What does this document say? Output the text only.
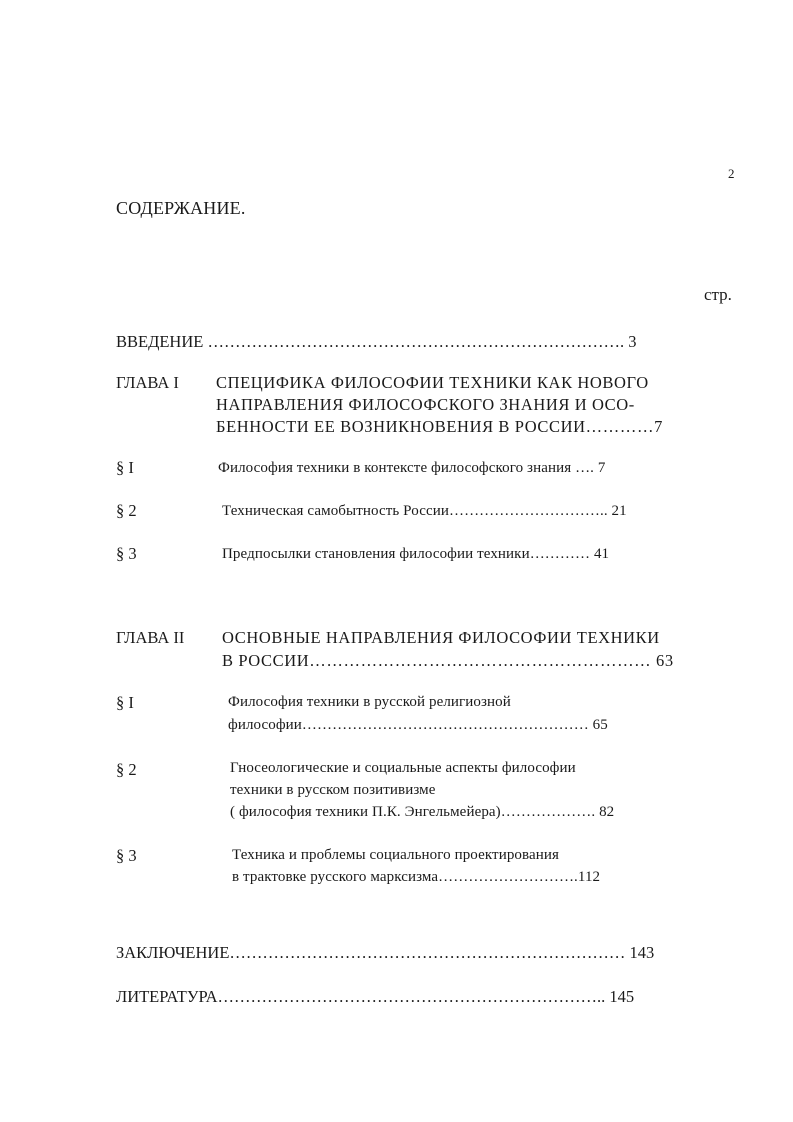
2
СОДЕРЖАНИЕ.
стр.
ВВЕДЕНИЕ …………………………………………………………………. 3
ГЛАВА I СПЕЦИФИКА ФИЛОСОФИИ ТЕХНИКИ КАК НОВОГО
НАПРАВЛЕНИЯ ФИЛОСОФСКОГО ЗНАНИЯ И ОСО-
БЕННОСТИ ЕЕ ВОЗНИКНОВЕНИЯ В РОССИИ…………7
§ I	Философия техники в контексте философского знания …. 7
§ 2	Техническая самобытность России………………………….. 21
§ 3	Предпосылки становления философии техники………… 41
ГЛАВА II ОСНОВНЫЕ НАПРАВЛЕНИЯ ФИЛОСОФИИ ТЕХНИКИ
В РОССИИ…………………………………………………… 63
§ I	Философия техники в русской религиозной
философии………………………………………………… 65
§ 2	Гносеологические и социальные аспекты философии
техники в русском позитивизме
( философия техники П.К. Энгельмейера)………………. 82
§ 3	Техника и проблемы социального проектирования
в трактовке русского марксизма……………………….112
ЗАКЛЮЧЕНИЕ……………………………………………………………… 143
ЛИТЕРАТУРА…………………………………………………………….. 145
